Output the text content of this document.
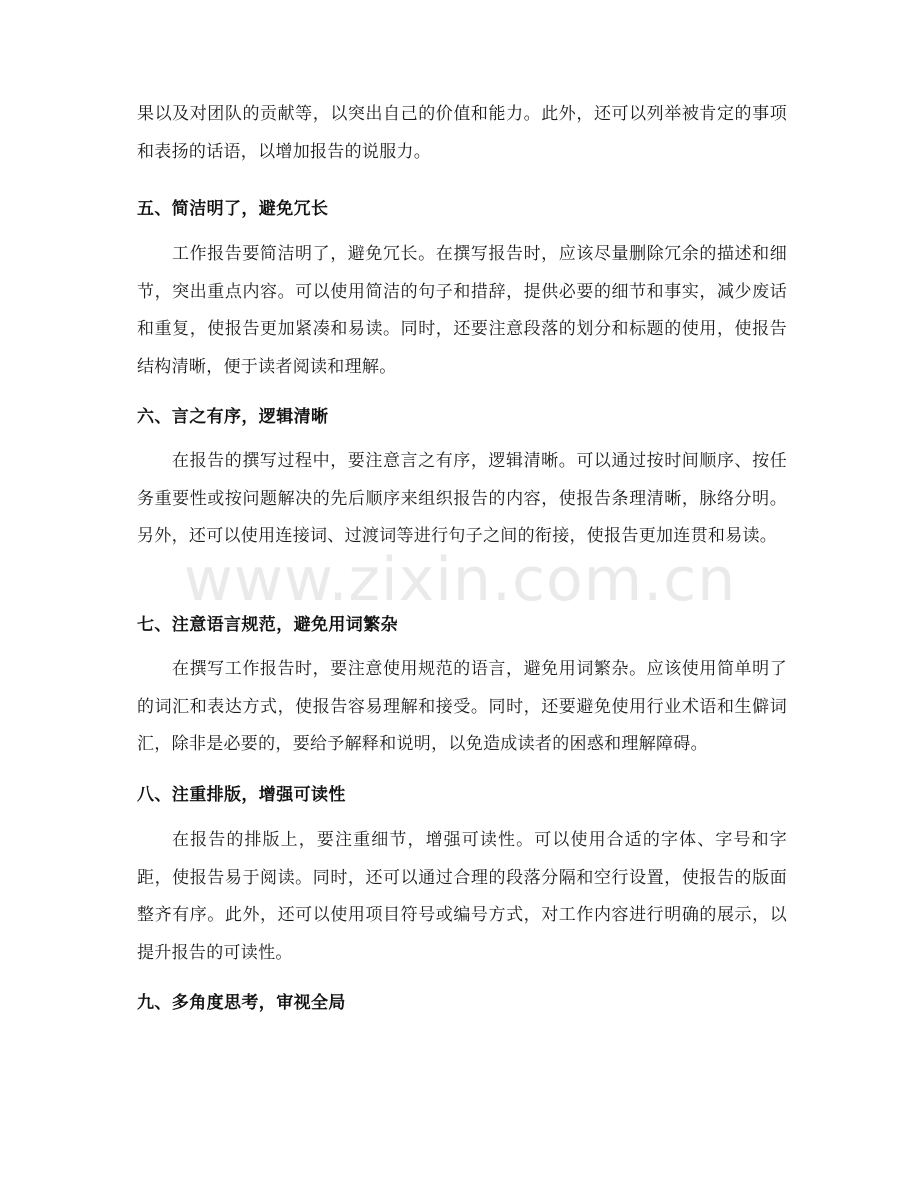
果以及对团队的贡献等，以突出自己的价值和能力。此外，还可以列举被肯定的事项和表扬的话语，以增加报告的说服力。

五、简洁明了，避免冗长

工作报告要简洁明了，避免冗长。在撰写报告时，应该尽量删除冗余的描述和细节，突出重点内容。可以使用简洁的句子和措辞，提供必要的细节和事实，减少废话和重复，使报告更加紧凑和易读。同时，还要注意段落的划分和标题的使用，使报告结构清晰，便于读者阅读和理解。

六、言之有序，逻辑清晰

在报告的撰写过程中，要注意言之有序，逻辑清晰。可以通过按时间顺序、按任务重要性或按问题解决的先后顺序来组织报告的内容，使报告条理清晰，脉络分明。另外，还可以使用连接词、过渡词等进行句子之间的衔接，使报告更加连贯和易读。

七、注意语言规范，避免用词繁杂

在撰写工作报告时，要注意使用规范的语言，避免用词繁杂。应该使用简单明了的词汇和表达方式，使报告容易理解和接受。同时，还要避免使用行业术语和生僻词汇，除非是必要的，要给予解释和说明，以免造成读者的困惑和理解障碍。

八、注重排版，增强可读性

在报告的排版上，要注重细节，增强可读性。可以使用合适的字体、字号和字距，使报告易于阅读。同时，还可以通过合理的段落分隔和空行设置，使报告的版面整齐有序。此外，还可以使用项目符号或编号方式，对工作内容进行明确的展示，以提升报告的可读性。

九、多角度思考，审视全局
www.zixin.com.cn
